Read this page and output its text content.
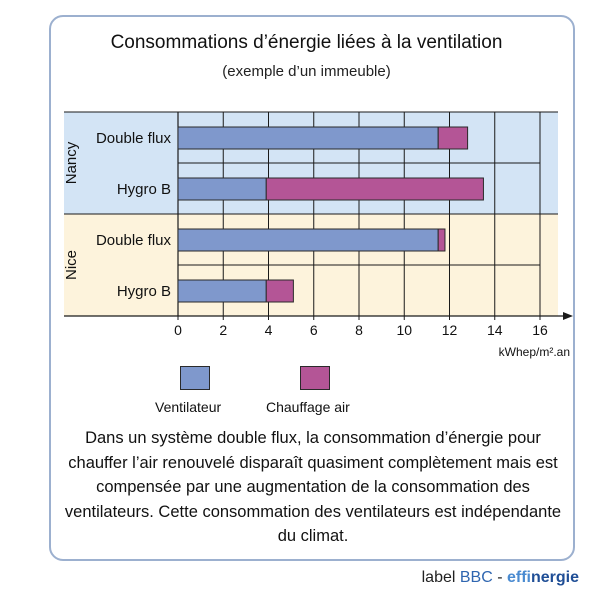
Consommations d’énergie liées à la ventilation
(exemple d’un immeuble)
Double flux
Hygro B
Nancy
Double flux
Hygro B
Nice
0	2	4	6	8 10 12 14 16
kWhep/m².an
Ventilateur	Chauffage air
Dans un système double flux, la consommation d’énergie pour chauffer l’air renouvelé disparaît quasiment complètement mais est compensée par une augmentation de la consommation des ventilateurs. Cette consommation des ventilateurs est indépendante du climat.
label BBC - effinergie
